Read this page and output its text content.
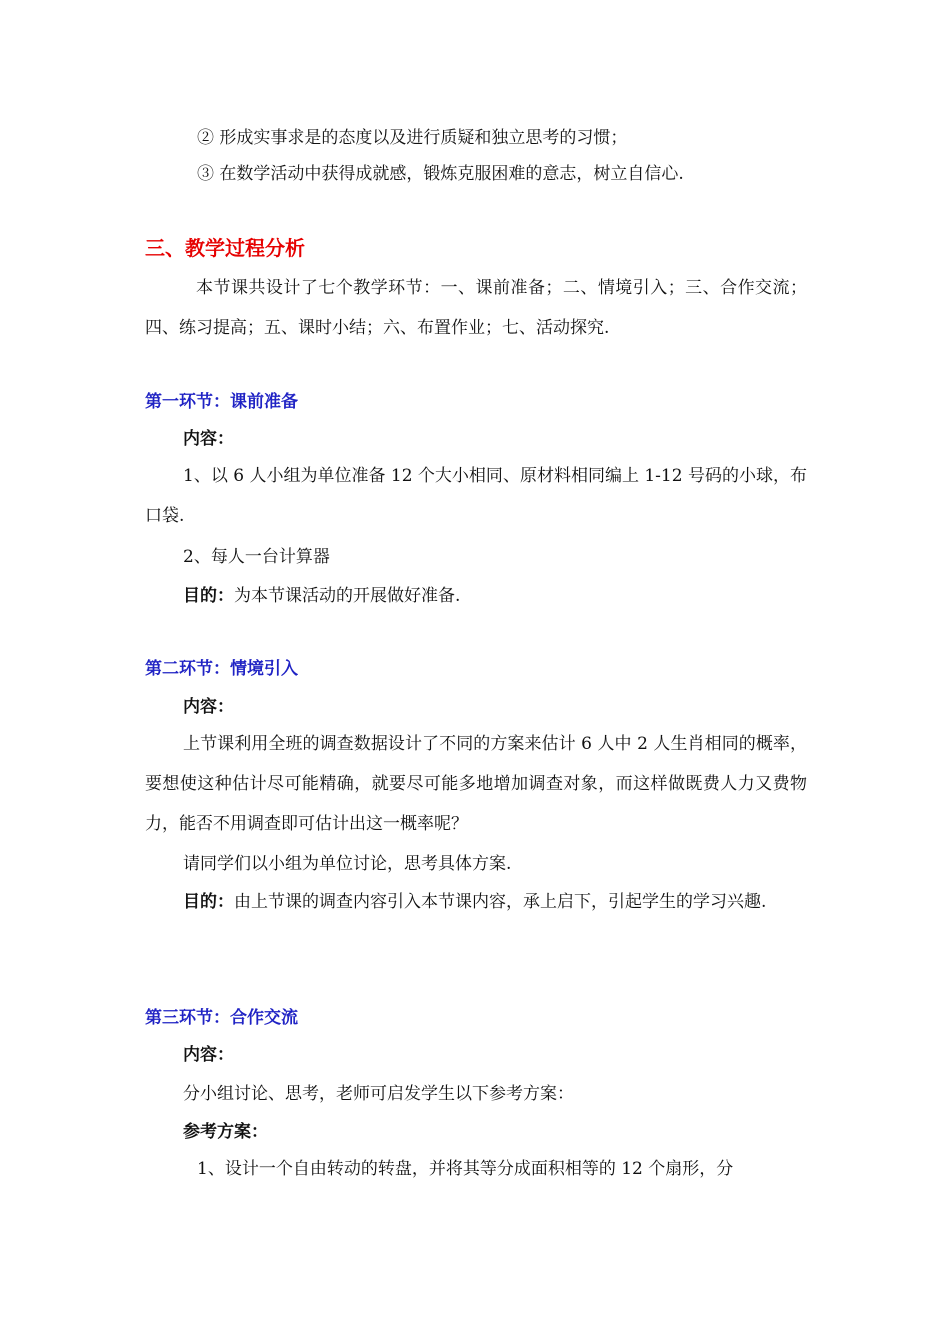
② 形成实事求是的态度以及进行质疑和独立思考的习惯；
③ 在数学活动中获得成就感，锻炼克服困难的意志，树立自信心.
三、教学过程分析
本节课共设计了七个教学环节：一、课前准备；二、情境引入；三、合作交流；四、练习提高；五、课时小结；六、布置作业；七、活动探究.
第一环节：课前准备
内容：
1、以 6 人小组为单位准备 12 个大小相同、原材料相同编上 1-12 号码的小球，布口袋.
2、每人一台计算器
目的：为本节课活动的开展做好准备.
第二环节：情境引入
内容：
上节课利用全班的调查数据设计了不同的方案来估计 6 人中 2 人生肖相同的概率，要想使这种估计尽可能精确，就要尽可能多地增加调查对象，而这样做既费人力又费物力，能否不用调查即可估计出这一概率呢？
请同学们以小组为单位讨论，思考具体方案.
目的：由上节课的调查内容引入本节课内容，承上启下，引起学生的学习兴趣.
第三环节：合作交流
内容：
分小组讨论、思考，老师可启发学生以下参考方案：
参考方案：
1、设计一个自由转动的转盘，并将其等分成面积相等的 12 个扇形，分
